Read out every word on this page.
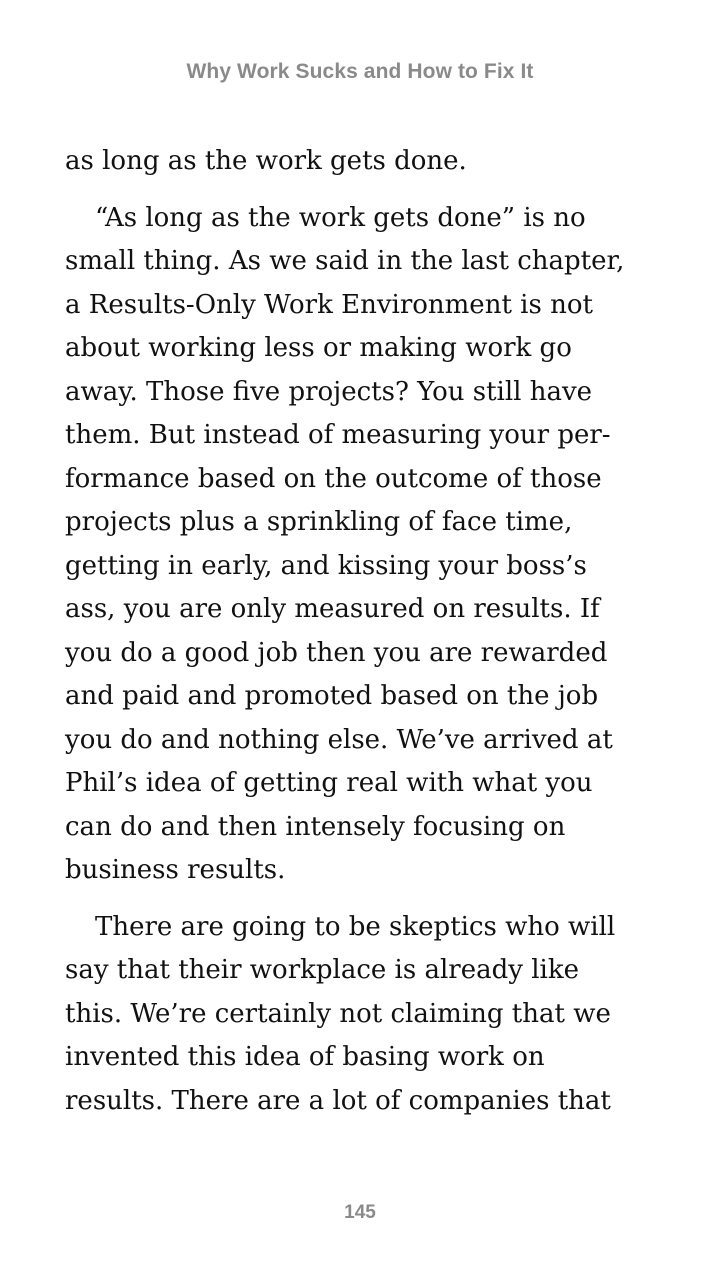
Why Work Sucks and How to Fix It
as long as the work gets done.
“As long as the work gets done” is no
small thing. As we said in the last chapter,
a Results-Only Work Environment is not
about working less or making work go
away. Those five projects? You still have
them. But instead of measuring your per-
formance based on the outcome of those
projects plus a sprinkling of face time,
getting in early, and kissing your boss’s
ass, you are only measured on results. If
you do a good job then you are rewarded
and paid and promoted based on the job
you do and nothing else. We’ve arrived at
Phil’s idea of getting real with what you
can do and then intensely focusing on
business results.
There are going to be skeptics who will
say that their workplace is already like
this. We’re certainly not claiming that we
invented this idea of basing work on
results. There are a lot of companies that
145
